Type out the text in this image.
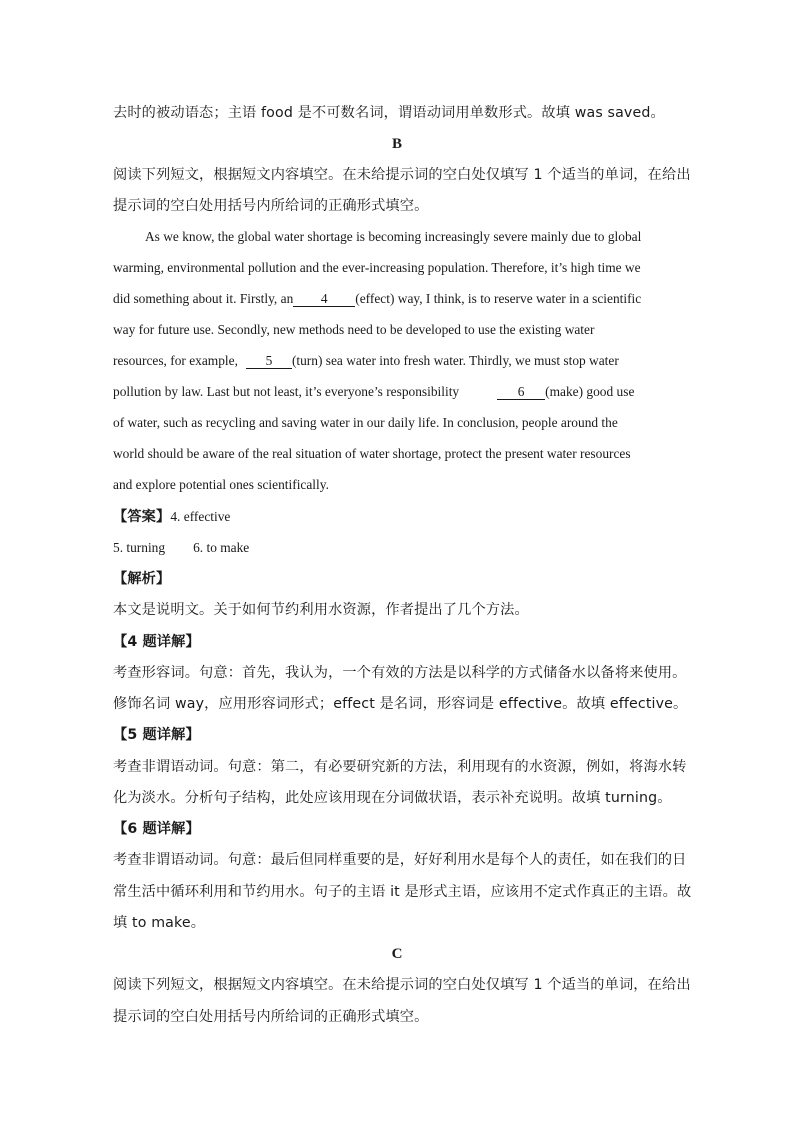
去时的被动语态；主语 food 是不可数名词，谓语动词用单数形式。故填 was saved。
B
阅读下列短文，根据短文内容填空。在未给提示词的空白处仅填写 1 个适当的单词，在给出
提示词的空白处用括号内所给词的正确形式填空。
As we know, the global water shortage is becoming increasingly severe mainly due to global
warming, environmental pollution and the ever-increasing population. Therefore, it’s high time we
did something about it. Firstly, an 4 (effect) way, I think, is to reserve water in a scientific
way for future use. Secondly, new methods need to be developed to use the existing water
resources, for example, 5 (turn) sea water into fresh water. Thirdly, we must stop water
pollution by law. Last but not least, it’s everyone’s responsibility	6 (make) good use
of water, such as recycling and saving water in our daily life. In conclusion, people around the
world should be aware of the real situation of water shortage, protect the present water resources
and explore potential ones scientifically.
【答案】4. effective
5. turning 6. to make
【解析】
本文是说明文。关于如何节约利用水资源，作者提出了几个方法。
【4 题详解】
考查形容词。句意：首先，我认为，一个有效的方法是以科学的方式储备水以备将来使用。
修饰名词 way，应用形容词形式；effect 是名词，形容词是 effective。故填 effective。
【5 题详解】
考查非谓语动词。句意：第二，有必要研究新的方法，利用现有的水资源，例如，将海水转
化为淡水。分析句子结构，此处应该用现在分词做状语，表示补充说明。故填 turning。
【6 题详解】
考查非谓语动词。句意：最后但同样重要的是，好好利用水是每个人的责任，如在我们的日
常生活中循环利用和节约用水。句子的主语 it 是形式主语，应该用不定式作真正的主语。故
填 to make。
C
阅读下列短文，根据短文内容填空。在未给提示词的空白处仅填写 1 个适当的单词，在给出
提示词的空白处用括号内所给词的正确形式填空。
